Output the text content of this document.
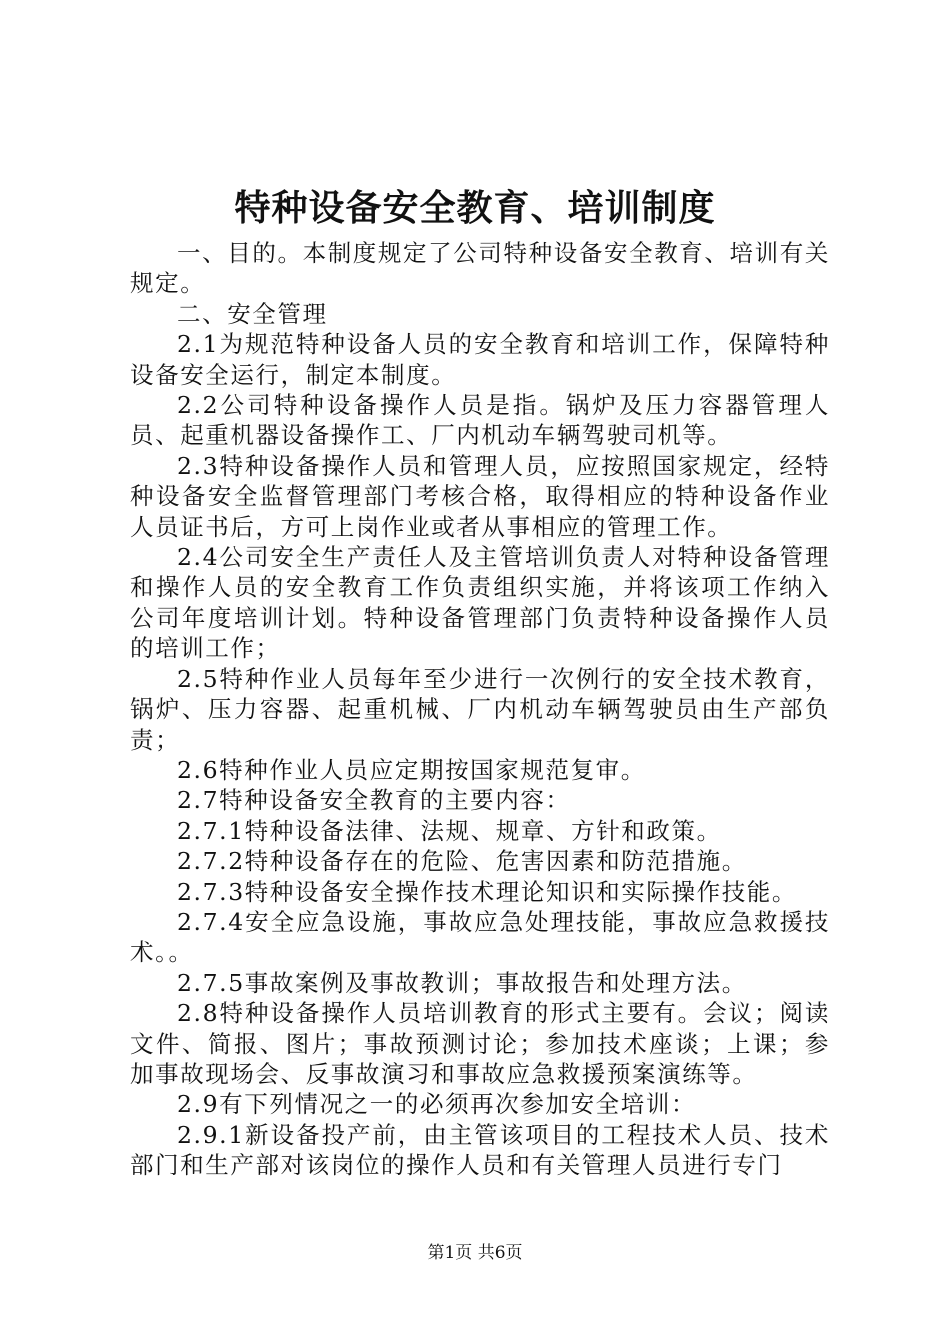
特种设备安全教育、培训制度

一、目的。本制度规定了公司特种设备安全教育、培训有关规定。

二、安全管理

2.1为规范特种设备人员的安全教育和培训工作，保障特种设备安全运行，制定本制度。

2.2公司特种设备操作人员是指。锅炉及压力容器管理人员、起重机器设备操作工、厂内机动车辆驾驶司机等。

2.3特种设备操作人员和管理人员，应按照国家规定，经特种设备安全监督管理部门考核合格，取得相应的特种设备作业人员证书后，方可上岗作业或者从事相应的管理工作。

2.4公司安全生产责任人及主管培训负责人对特种设备管理和操作人员的安全教育工作负责组织实施，并将该项工作纳入公司年度培训计划。特种设备管理部门负责特种设备操作人员的培训工作；

2.5特种作业人员每年至少进行一次例行的安全技术教育，锅炉、压力容器、起重机械、厂内机动车辆驾驶员由生产部负责；

2.6特种作业人员应定期按国家规范复审。

2.7特种设备安全教育的主要内容：

2.7.1特种设备法律、法规、规章、方针和政策。

2.7.2特种设备存在的危险、危害因素和防范措施。

2.7.3特种设备安全操作技术理论知识和实际操作技能。

2.7.4安全应急设施，事故应急处理技能，事故应急救援技术。。

2.7.5事故案例及事故教训；事故报告和处理方法。

2.8特种设备操作人员培训教育的形式主要有。会议；阅读文件、简报、图片；事故预测讨论；参加技术座谈；上课；参加事故现场会、反事故演习和事故应急救援预案演练等。

2.9有下列情况之一的必须再次参加安全培训：

2.9.1新设备投产前，由主管该项目的工程技术人员、技术部门和生产部对该岗位的操作人员和有关管理人员进行专门

第1页 共6页
